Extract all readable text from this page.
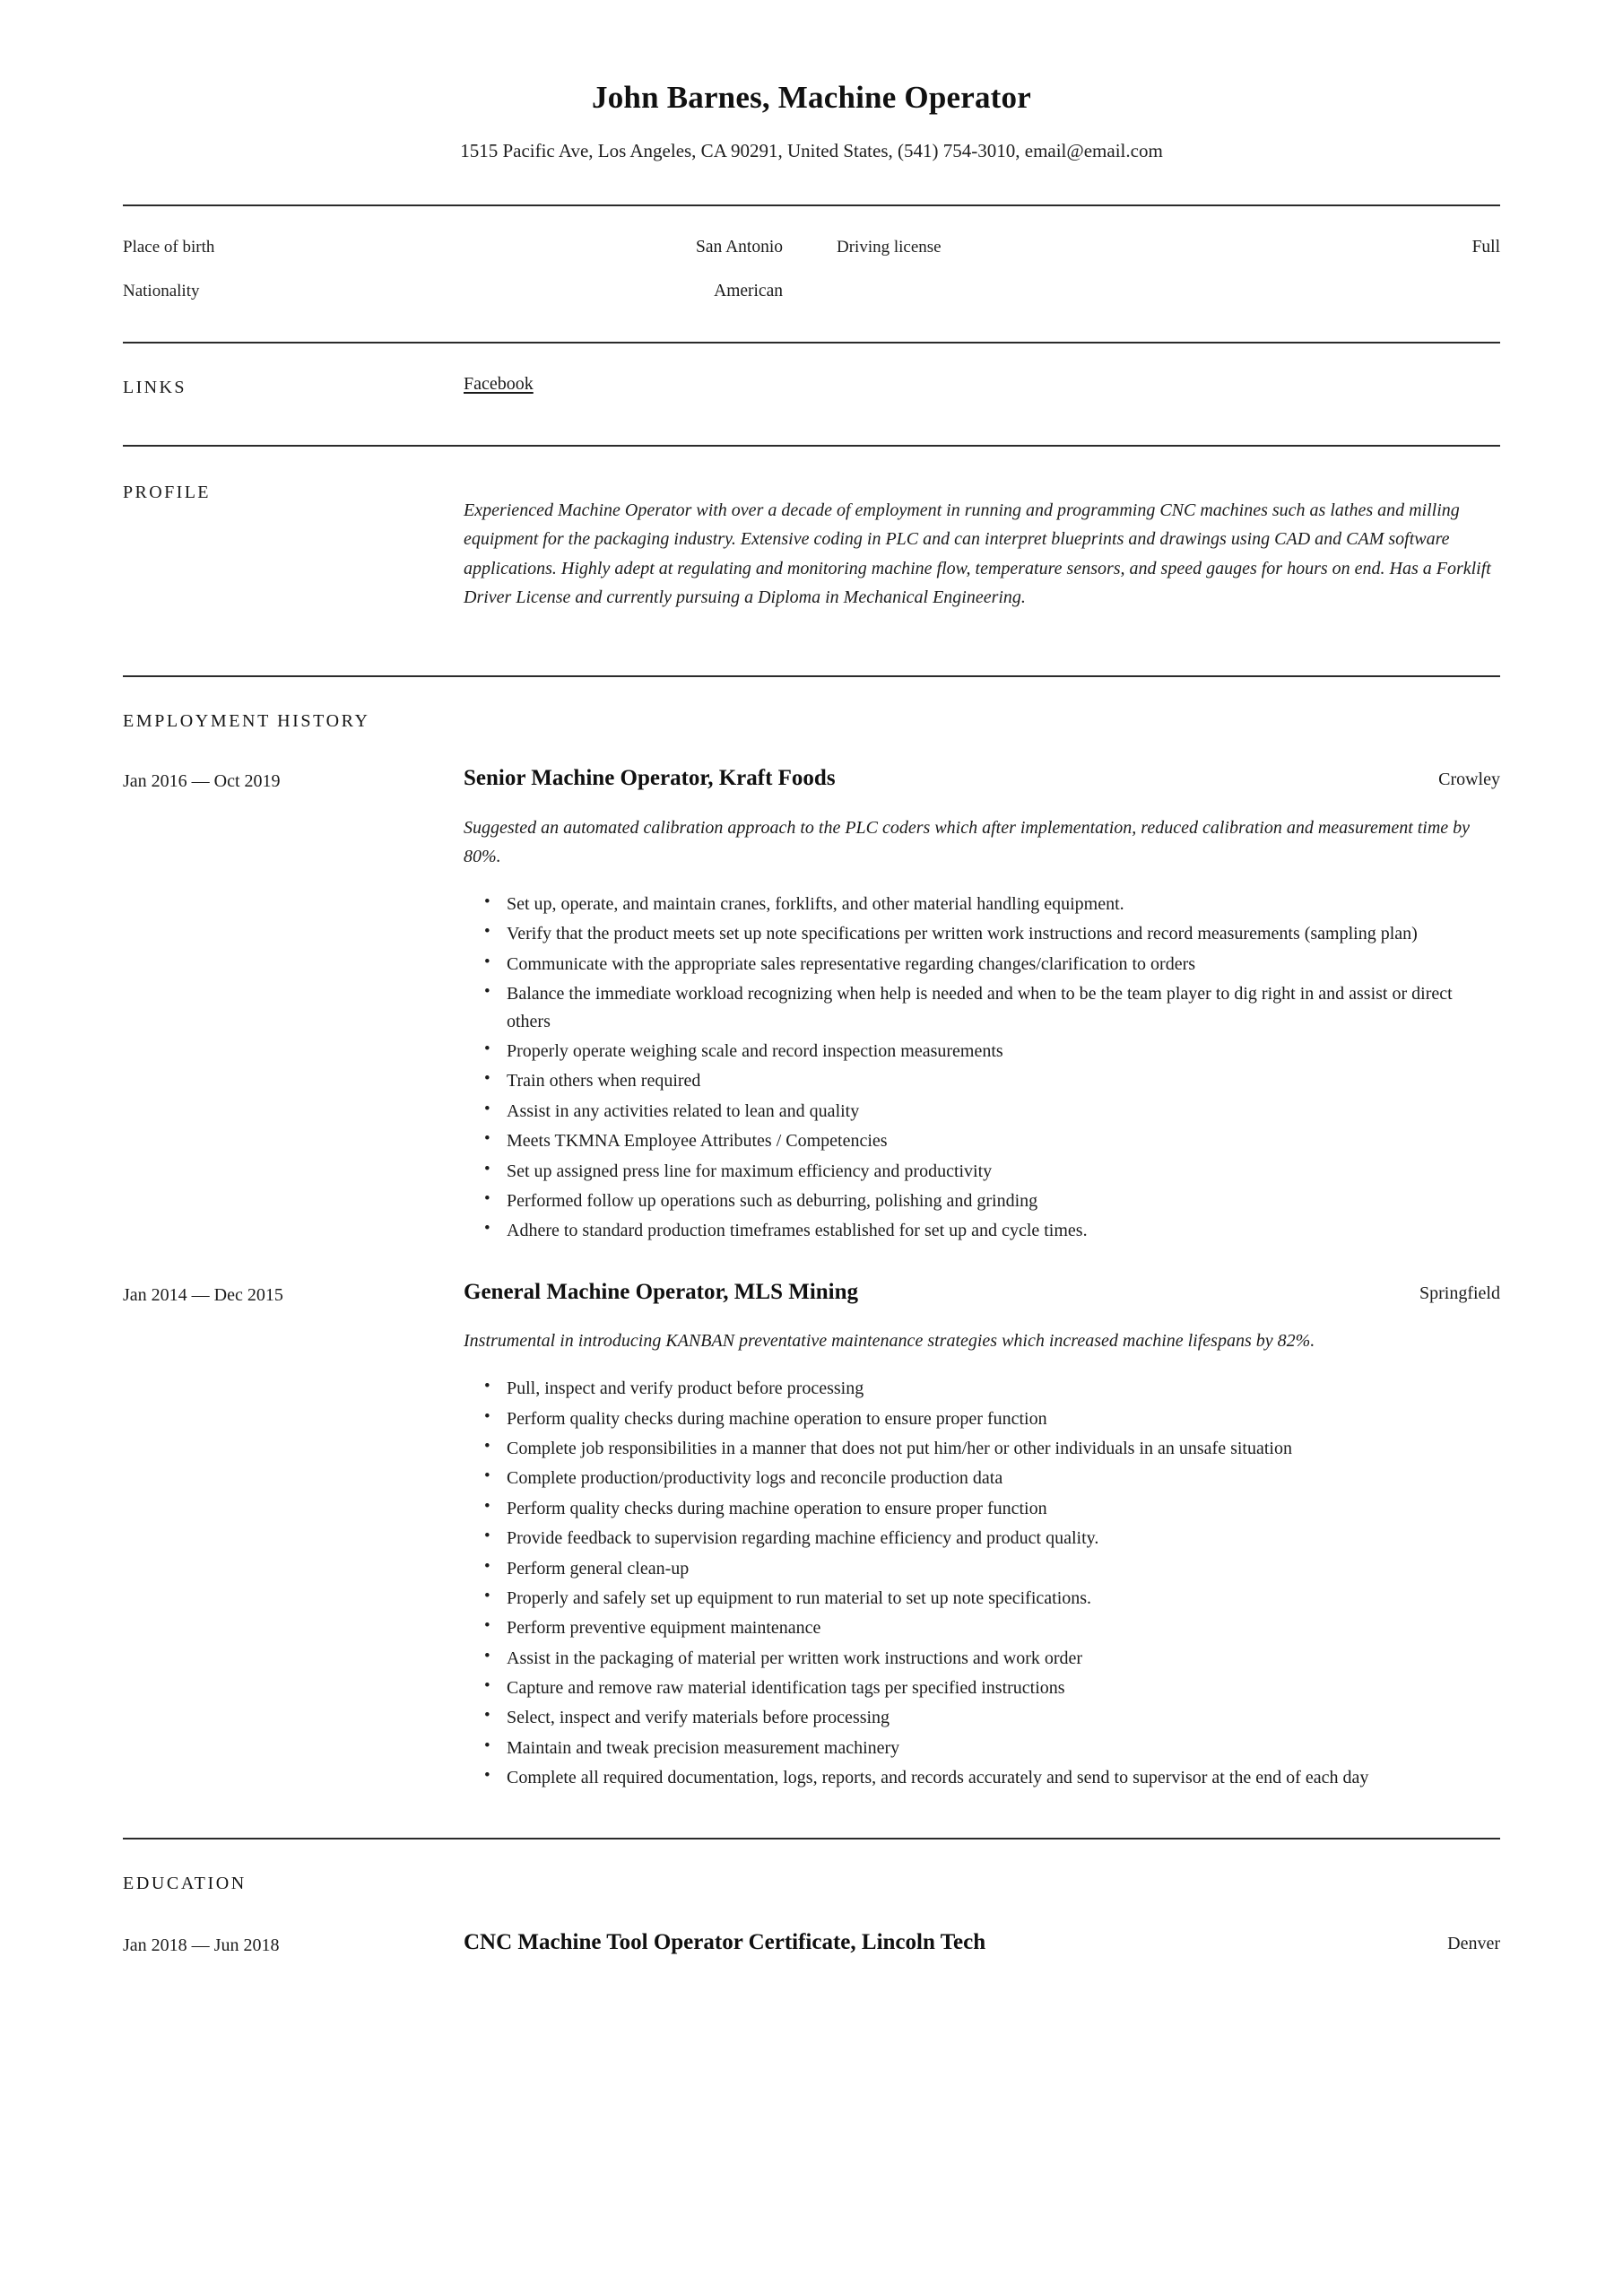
John Barnes, Machine Operator
1515 Pacific Ave, Los Angeles, CA 90291, United States, (541) 754-3010, email@email.com
Place of birth	San Antonio	Driving license	Full
Nationality	American
LINKS	Facebook
PROFILE

Experienced Machine Operator with over a decade of employment in running and programming CNC machines such as lathes and milling equipment for the packaging industry. Extensive coding in PLC and can interpret blueprints and drawings using CAD and CAM software applications. Highly adept at regulating and monitoring machine flow, temperature sensors, and speed gauges for hours on end. Has a Forklift Driver License and currently pursuing a Diploma in Mechanical Engineering.

EMPLOYMENT HISTORY
Jan 2016 — Oct 2019	Senior Machine Operator, Kraft Foods	Crowley

Suggested an automated calibration approach to the PLC coders which after implementation, reduced calibration and measurement time by 80%.

• Set up, operate, and maintain cranes, forklifts, and other material handling equipment.
• Verify that the product meets set up note specifications per written work instructions and record measurements (sampling plan)
• Communicate with the appropriate sales representative regarding changes/clarification to orders
• Balance the immediate workload recognizing when help is needed and when to be the team player to dig right in and assist or direct others
• Properly operate weighing scale and record inspection measurements
• Train others when required
• Assist in any activities related to lean and quality
• Meets TKMNA Employee Attributes / Competencies
• Set up assigned press line for maximum efficiency and productivity
• Performed follow up operations such as deburring, polishing and grinding
• Adhere to standard production timeframes established for set up and cycle times.
Jan 2014 — Dec 2015	General Machine Operator, MLS Mining	Springfield

Instrumental in introducing KANBAN preventative maintenance strategies which increased machine lifespans by 82%.

• Pull, inspect and verify product before processing
• Perform quality checks during machine operation to ensure proper function
• Complete job responsibilities in a manner that does not put him/her or other individuals in an unsafe situation
• Complete production/productivity logs and reconcile production data
• Perform quality checks during machine operation to ensure proper function
• Provide feedback to supervision regarding machine efficiency and product quality.
• Perform general clean-up
• Properly and safely set up equipment to run material to set up note specifications.
• Perform preventive equipment maintenance
• Assist in the packaging of material per written work instructions and work order
• Capture and remove raw material identification tags per specified instructions
• Select, inspect and verify materials before processing
• Maintain and tweak precision measurement machinery
• Complete all required documentation, logs, reports, and records accurately and send to supervisor at the end of each day
EDUCATION
Jan 2018 — Jun 2018	CNC Machine Tool Operator Certificate, Lincoln Tech	Denver
